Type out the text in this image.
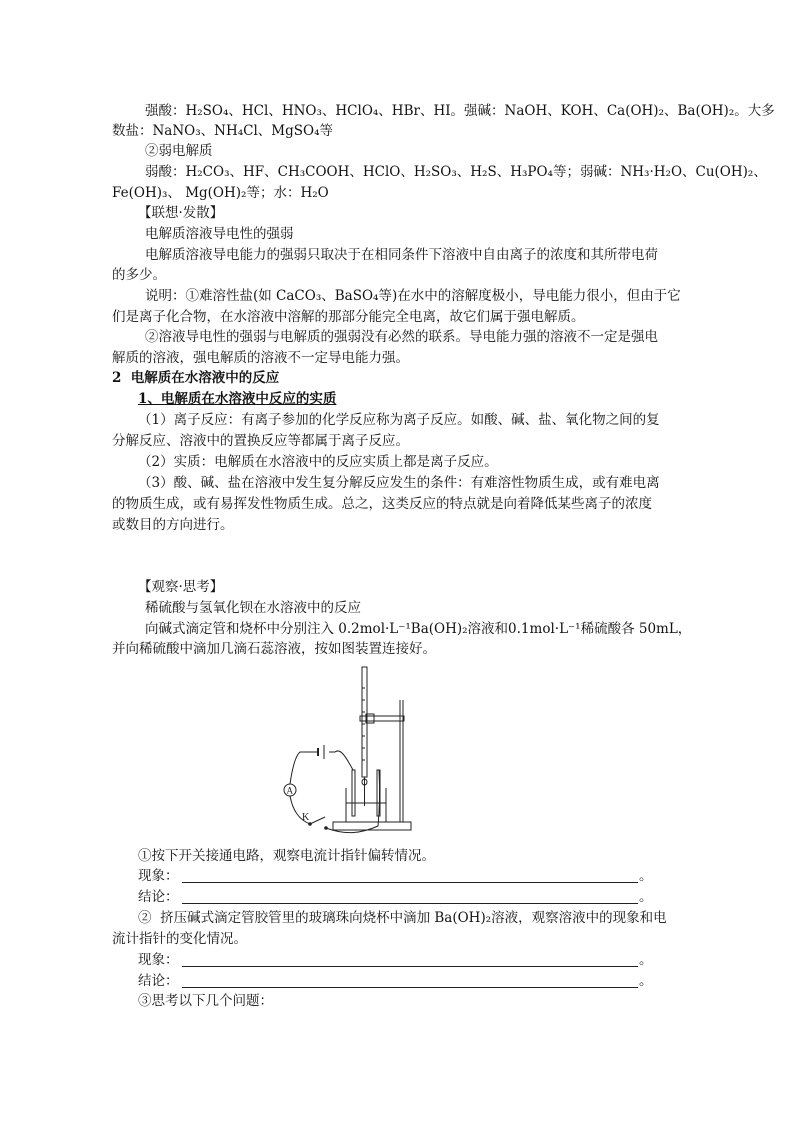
强酸：H₂SO₄、HCl、HNO₃、HClO₄、HBr、HI。强碱：NaOH、KOH、Ca(OH)₂、Ba(OH)₂。大多
数盐：NaNO₃、NH₄Cl、MgSO₄等
②弱电解质
弱酸：H₂CO₃、HF、CH₃COOH、HClO、H₂SO₃、H₂S、H₃PO₄等；弱碱：NH₃·H₂O、Cu(OH)₂、
Fe(OH)₃、 Mg(OH)₂等；水：H₂O
【联想·发散】
电解质溶液导电性的强弱
电解质溶液导电能力的强弱只取决于在相同条件下溶液中自由离子的浓度和其所带电荷
的多少。
说明：①难溶性盐(如 CaCO₃、BaSO₄等)在水中的溶解度极小，导电能力很小，但由于它
们是离子化合物，在水溶液中溶解的那部分能完全电离，故它们属于强电解质。
②溶液导电性的强弱与电解质的强弱没有必然的联系。导电能力强的溶液不一定是强电
解质的溶液，强电解质的溶液不一定导电能力强。
2  电解质在水溶液中的反应
1、电解质在水溶液中反应的实质
（1）离子反应：有离子参加的化学反应称为离子反应。如酸、碱、盐、氧化物之间的复
分解反应、溶液中的置换反应等都属于离子反应。
（2）实质：电解质在水溶液中的反应实质上都是离子反应。
（3）酸、碱、盐在溶液中发生复分解反应发生的条件：有难溶性物质生成，或有难电离
的物质生成，或有易挥发性物质生成。总之，这类反应的特点就是向着降低某些离子的浓度
或数目的方向进行。
【观察·思考】
稀硫酸与氢氧化钡在水溶液中的反应
向碱式滴定管和烧杯中分别注入 0.2mol·L⁻¹Ba(OH)₂溶液和0.1mol·L⁻¹稀硫酸各 50mL，
并向稀硫酸中滴加几滴石蕊溶液，按如图装置连接好。
A
K
①按下开关接通电路，观察电流计指针偏转情况。
现象：	。
结论：	。
②  挤压碱式滴定管胶管里的玻璃珠向烧杯中滴加 Ba(OH)₂溶液，观察溶液中的现象和电
流计指针的变化情况。
现象：	。
结论：	。
③思考以下几个问题：
